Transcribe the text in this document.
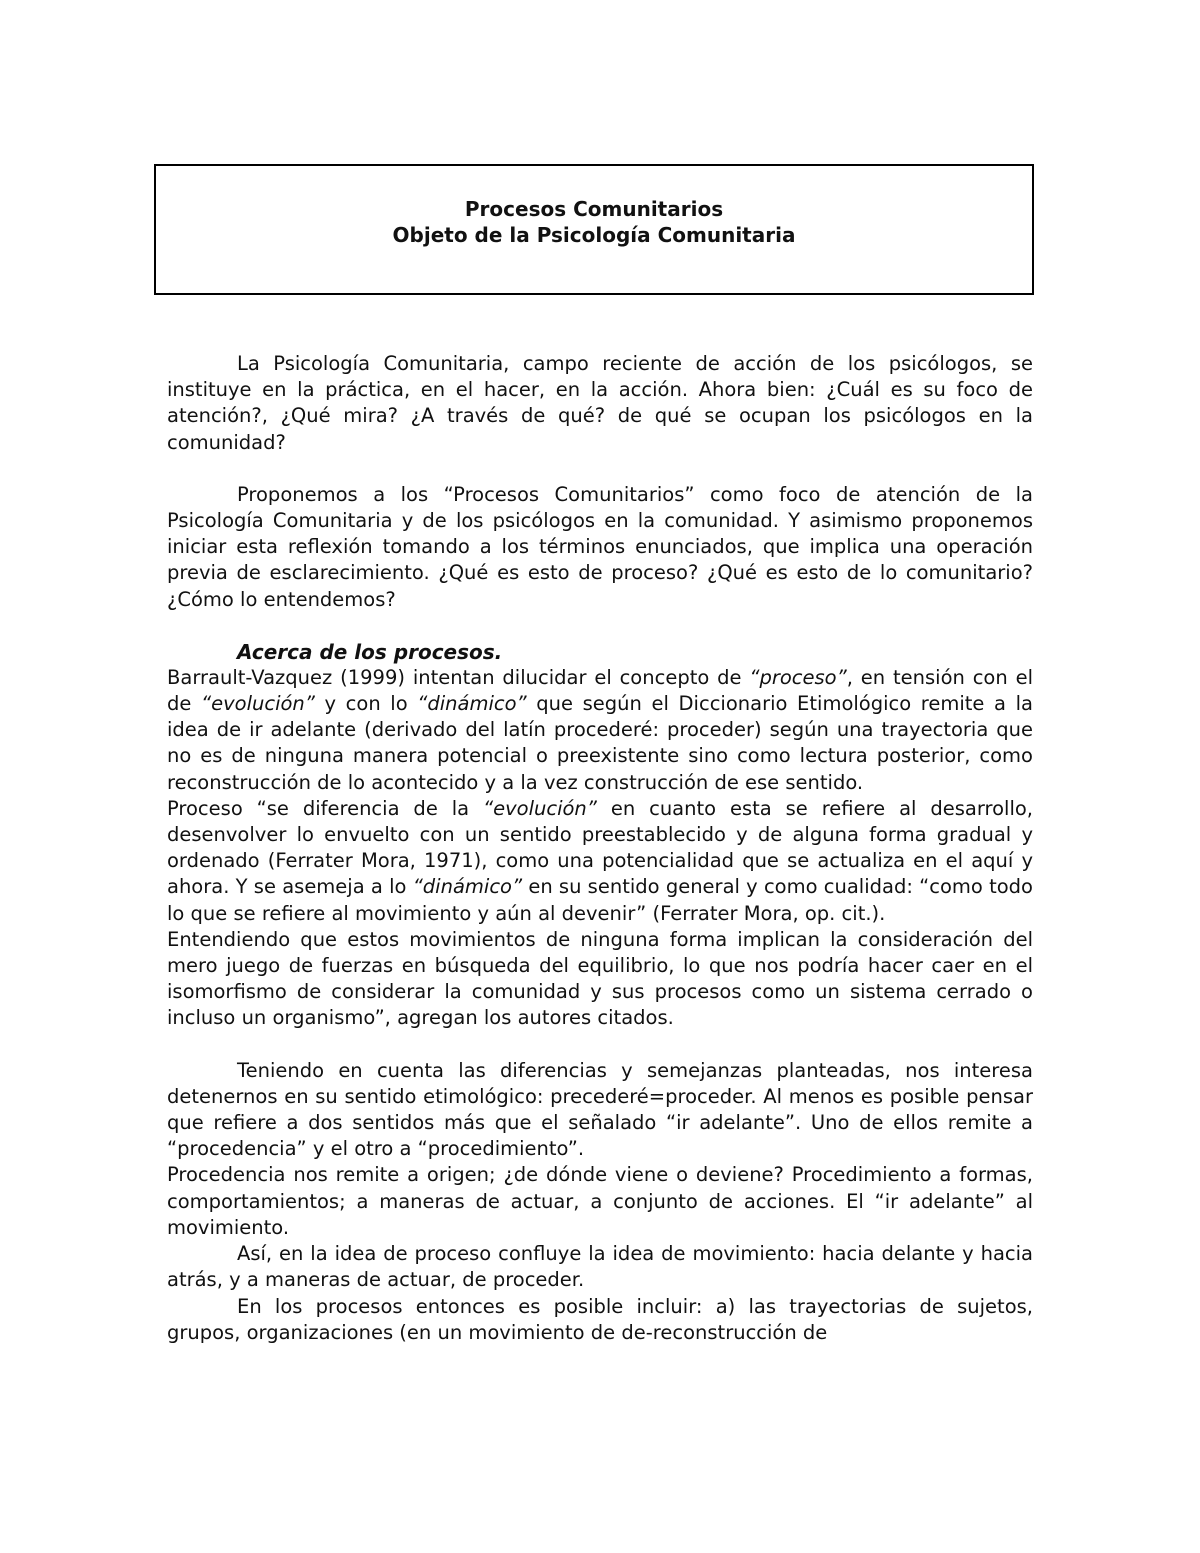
Procesos Comunitarios
Objeto de la Psicología Comunitaria

La Psicología Comunitaria, campo reciente de acción de los psicólogos, se instituye en la práctica, en el hacer, en la acción. Ahora bien: ¿Cuál es su foco de atención?, ¿Qué mira? ¿A través de qué? de qué se ocupan los psicólogos en la comunidad?

Proponemos a los “Procesos Comunitarios” como foco de atención de la Psicología Comunitaria y de los psicólogos en la comunidad. Y asimismo proponemos iniciar esta reflexión tomando a los términos enunciados, que implica una operación previa de esclarecimiento. ¿Qué es esto de proceso? ¿Qué es esto de lo comunitario? ¿Cómo lo entendemos?

Acerca de los procesos.

Barrault-Vazquez (1999) intentan dilucidar el concepto de “proceso”, en tensión con el de “evolución” y con lo “dinámico” que según el Diccionario Etimológico remite a la idea de ir adelante (derivado del latín procederé: proceder) según una trayectoria que no es de ninguna manera potencial o preexistente sino como lectura posterior, como reconstrucción de lo acontecido y a la vez construcción de ese sentido.

Proceso “se diferencia de la “evolución” en cuanto esta se refiere al desarrollo, desenvolver lo envuelto con un sentido preestablecido y de alguna forma gradual y ordenado (Ferrater Mora, 1971), como una potencialidad que se actualiza en el aquí y ahora. Y se asemeja a lo “dinámico” en su sentido general y como cualidad: “como todo lo que se refiere al movimiento y aún al devenir” (Ferrater Mora, op. cit.).

Entendiendo que estos movimientos de ninguna forma implican la consideración del mero juego de fuerzas en búsqueda del equilibrio, lo que nos podría hacer caer en el isomorfismo de considerar la comunidad y sus procesos como un sistema cerrado o incluso un organismo”, agregan los autores citados.

Teniendo en cuenta las diferencias y semejanzas planteadas, nos interesa detenernos en su sentido etimológico: precederé=proceder. Al menos es posible pensar que refiere a dos sentidos más que el señalado “ir adelante”. Uno de ellos remite a “procedencia” y el otro a “procedimiento”.

Procedencia nos remite a origen; ¿de dónde viene o deviene? Procedimiento a formas, comportamientos; a maneras de actuar, a conjunto de acciones. El “ir adelante” al movimiento.

Así, en la idea de proceso confluye la idea de movimiento: hacia delante y hacia atrás, y a maneras de actuar, de proceder.

En los procesos entonces es posible incluir: a) las trayectorias de sujetos, grupos, organizaciones (en un movimiento de de-reconstrucción de
